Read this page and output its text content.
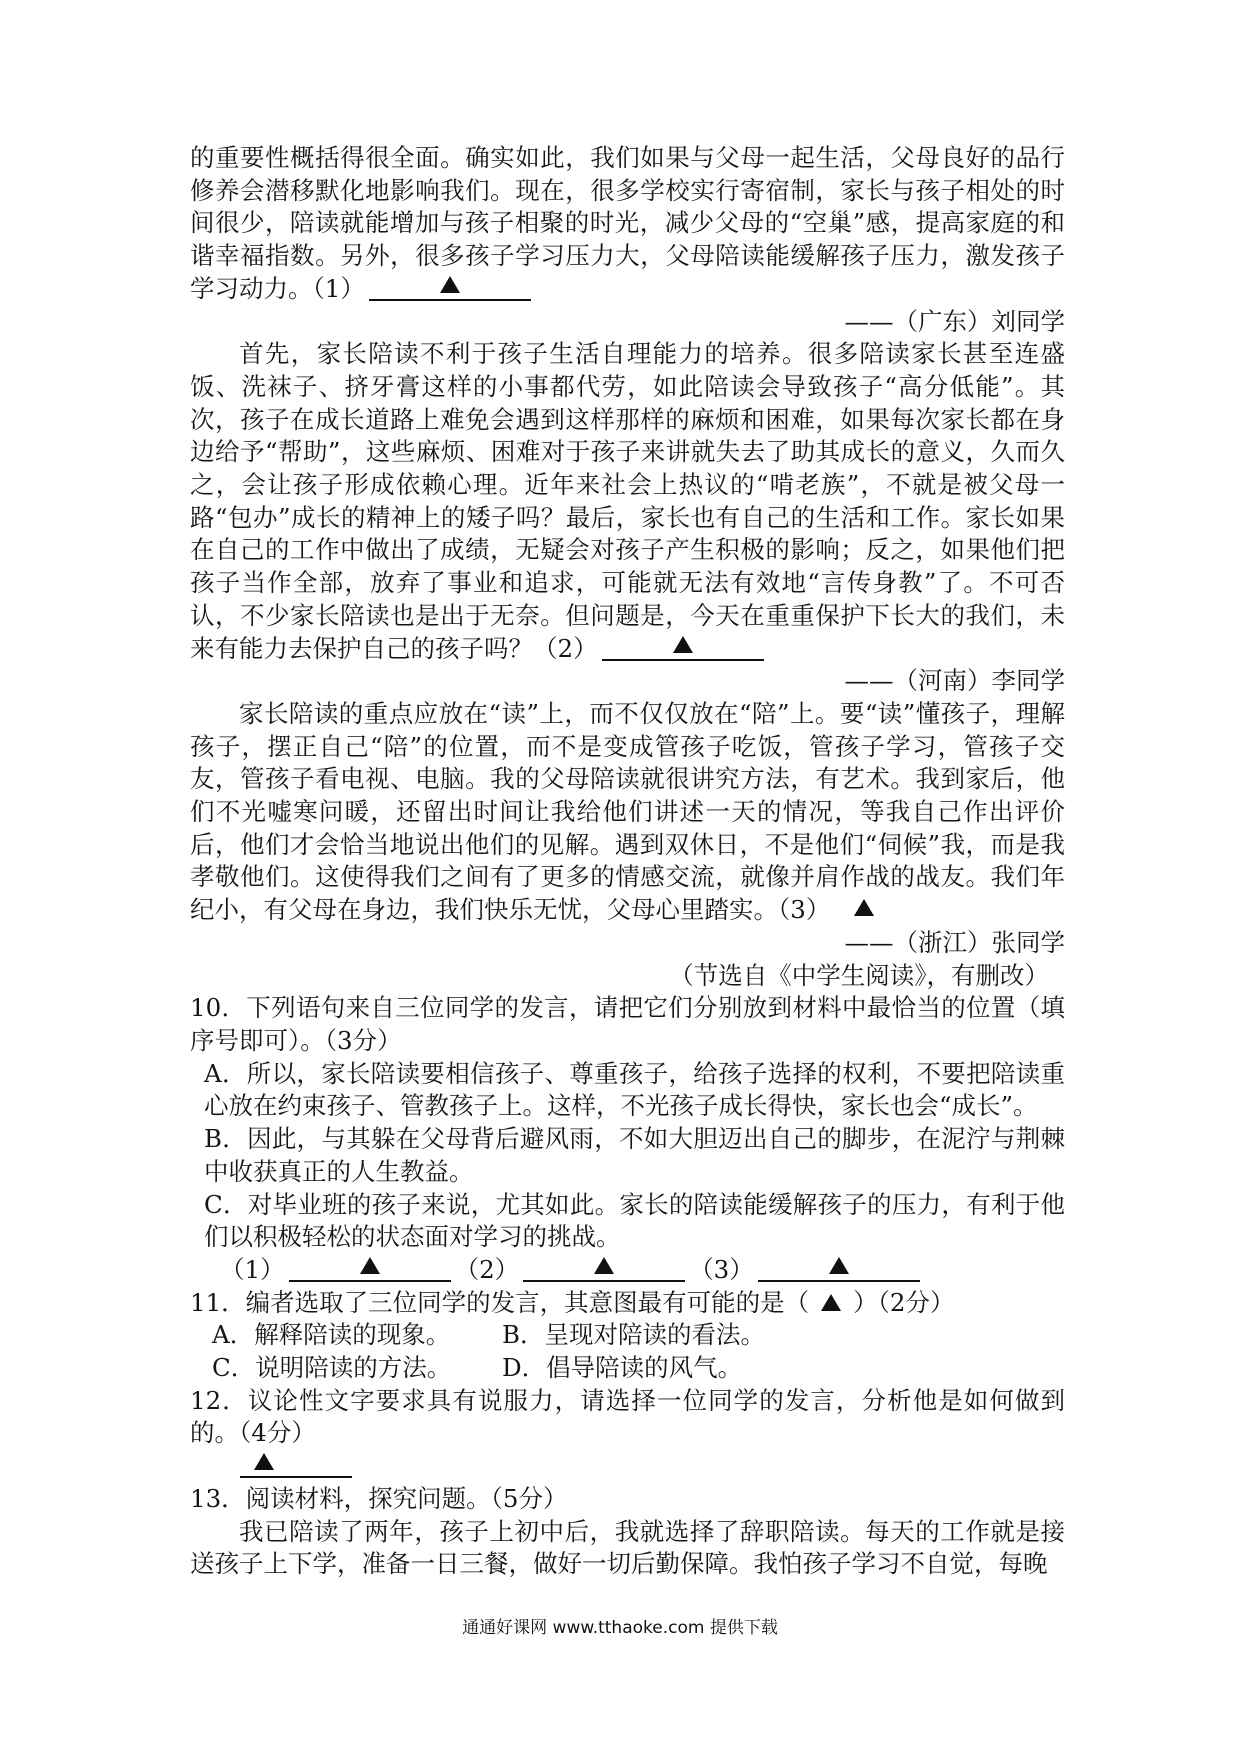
的重要性概括得很全面。确实如此，我们如果与父母一起生活，父母良好的品行修养会潜移默化地影响我们。现在，很多学校实行寄宿制，家长与孩子相处的时间很少，陪读就能增加与孩子相聚的时光，减少父母的“空巢”感，提高家庭的和谐幸福指数。另外，很多孩子学习压力大，父母陪读能缓解孩子压力，激发孩子学习动力。（1）

——（广东）刘同学

首先，家长陪读不利于孩子生活自理能力的培养。很多陪读家长甚至连盛饭、洗袜子、挤牙膏这样的小事都代劳，如此陪读会导致孩子“高分低能”。其次，孩子在成长道路上难免会遇到这样那样的麻烦和困难，如果每次家长都在身边给予“帮助”，这些麻烦、困难对于孩子来讲就失去了助其成长的意义，久而久之，会让孩子形成依赖心理。近年来社会上热议的“啃老族”，不就是被父母一路“包办”成长的精神上的矮子吗？最后，家长也有自己的生活和工作。家长如果在自己的工作中做出了成绩，无疑会对孩子产生积极的影响；反之，如果他们把孩子当作全部，放弃了事业和追求，可能就无法有效地“言传身教”了。不可否认，不少家长陪读也是出于无奈。但问题是，今天在重重保护下长大的我们，未来有能力去保护自己的孩子吗？（2）

——（河南）李同学

家长陪读的重点应放在“读”上，而不仅仅放在“陪”上。要“读”懂孩子，理解孩子，摆正自己“陪”的位置，而不是变成管孩子吃饭，管孩子学习，管孩子交友，管孩子看电视、电脑。我的父母陪读就很讲究方法，有艺术。我到家后，他们不光嘘寒问暖，还留出时间让我给他们讲述一天的情况，等我自己作出评价后，他们才会恰当地说出他们的见解。遇到双休日，不是他们“伺候”我，而是我孝敬他们。这使得我们之间有了更多的情感交流，就像并肩作战的战友。我们年纪小，有父母在身边，我们快乐无忧，父母心里踏实。（3）

——（浙江）张同学

（节选自《中学生阅读》，有删改）

10．下列语句来自三位同学的发言，请把它们分别放到材料中最恰当的位置（填序号即可）。（3分）

A．所以，家长陪读要相信孩子、尊重孩子，给孩子选择的权利，不要把陪读重心放在约束孩子、管教孩子上。这样，不光孩子成长得快，家长也会“成长”。

B．因此，与其躲在父母背后避风雨，不如大胆迈出自己的脚步，在泥泞与荆棘中收获真正的人生教益。

C．对毕业班的孩子来说，尤其如此。家长的陪读能缓解孩子的压力，有利于他们以积极轻松的状态面对学习的挑战。

（1）	（2）	（3）

11．编者选取了三位同学的发言，其意图最有可能的是（ ）（2分）

A．解释陪读的现象。 B．呈现对陪读的看法。

C．说明陪读的方法。 D．倡导陪读的风气。

12．议论性文字要求具有说服力，请选择一位同学的发言，分析他是如何做到的。（4分）

13．阅读材料，探究问题。（5分）

我已陪读了两年，孩子上初中后，我就选择了辞职陪读。每天的工作就是接送孩子上下学，准备一日三餐，做好一切后勤保障。我怕孩子学习不自觉，每晚

通通好课网 www.tthaoke.com 提供下载
